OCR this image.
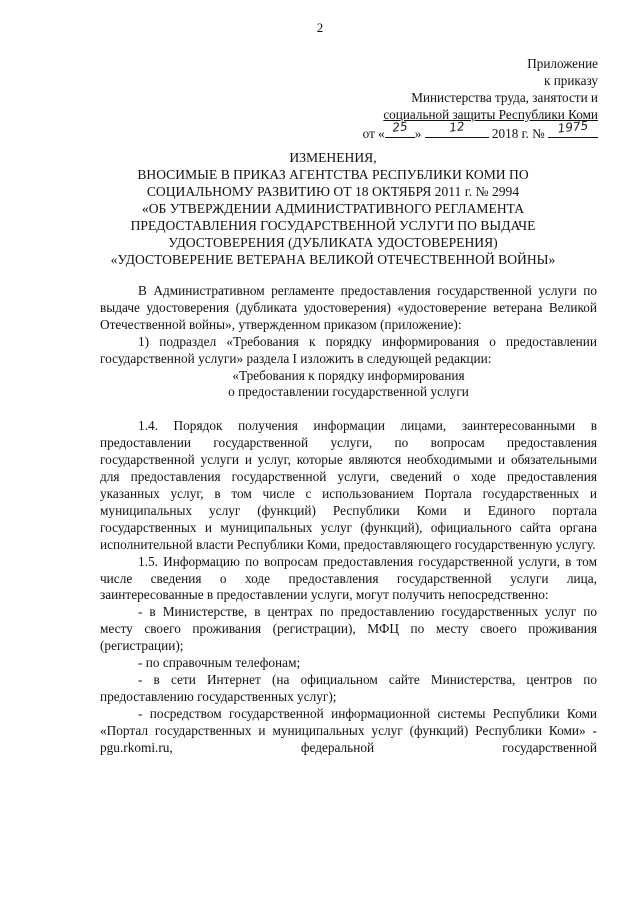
2
Приложение
к приказу
Министерства труда, занятости и
социальной защиты Республики Коми
от « 25 » 12 2018 г. № 1975
ИЗМЕНЕНИЯ,
ВНОСИМЫЕ В ПРИКАЗ АГЕНТСТВА РЕСПУБЛИКИ КОМИ ПО
СОЦИАЛЬНОМУ РАЗВИТИЮ ОТ 18 ОКТЯБРЯ 2011 г. № 2994
«ОБ УТВЕРЖДЕНИИ АДМИНИСТРАТИВНОГО РЕГЛАМЕНТА
ПРЕДОСТАВЛЕНИЯ ГОСУДАРСТВЕННОЙ УСЛУГИ ПО ВЫДАЧЕ
УДОСТОВЕРЕНИЯ (ДУБЛИКАТА УДОСТОВЕРЕНИЯ)
«УДОСТОВЕРЕНИЕ ВЕТЕРАНА ВЕЛИКОЙ ОТЕЧЕСТВЕННОЙ ВОЙНЫ»

В Административном регламенте предоставления государственной услуги по выдаче удостоверения (дубликата удостоверения) «удостоверение ветерана Великой Отечественной войны», утвержденном приказом (приложение):

1) подраздел «Требования к порядку информирования о предоставлении государственной услуги» раздела I изложить в следующей редакции:

«Требования к порядку информирования

о предоставлении государственной услуги

1.4. Порядок получения информации лицами, заинтересованными в предоставлении государственной услуги, по вопросам предоставления государственной услуги и услуг, которые являются необходимыми и обязательными для предоставления государственной услуги, сведений о ходе предоставления указанных услуг, в том числе с использованием Портала государственных и муниципальных услуг (функций) Республики Коми и Единого портала государственных и муниципальных услуг (функций), официального сайта органа исполнительной власти Республики Коми, предоставляющего государственную услугу.

1.5. Информацию по вопросам предоставления государственной услуги, в том числе сведения о ходе предоставления государственной услуги лица, заинтересованные в предоставлении услуги, могут получить непосредственно:

- в Министерстве, в центрах по предоставлению государственных услуг по месту своего проживания (регистрации), МФЦ по месту своего проживания (регистрации);

- по справочным телефонам;

- в сети Интернет (на официальном сайте Министерства, центров по предоставлению государственных услуг);

- посредством государственной информационной системы Республики Коми «Портал государственных и муниципальных услуг (функций) Республики Коми» - pgu.rkomi.ru, федеральной государственной
